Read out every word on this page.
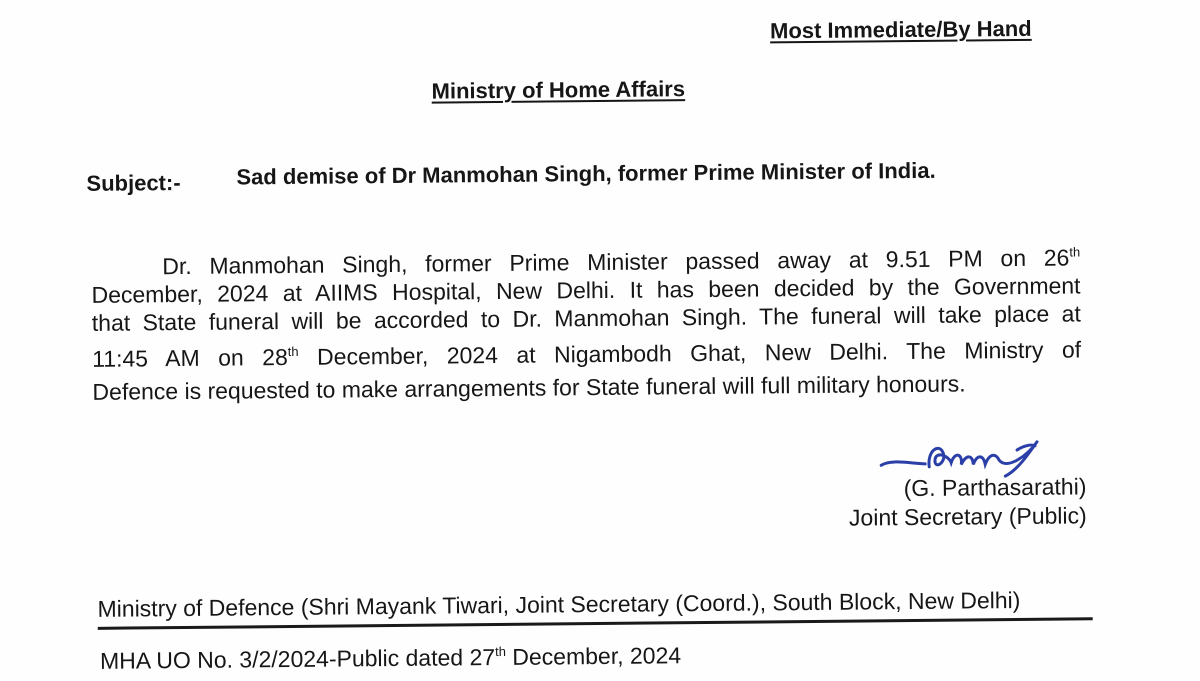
Most Immediate/By Hand
Ministry of Home Affairs
Subject:-	Sad demise of Dr Manmohan Singh, former Prime Minister of India.
Dr. Manmohan Singh, former Prime Minister passed away at 9.51 PM on 26th
December, 2024 at AIIMS Hospital, New Delhi. It has been decided by the Government
that State funeral will be accorded to Dr. Manmohan Singh. The funeral will take place at
11:45 AM on 28th December, 2024 at Nigambodh Ghat, New Delhi. The Ministry of
Defence is requested to make arrangements for State funeral will full military honours.
(G. Parthasarathi)
Joint Secretary (Public)
Ministry of Defence (Shri Mayank Tiwari, Joint Secretary (Coord.), South Block, New Delhi)
MHA UO No. 3/2/2024-Public dated 27th December, 2024
